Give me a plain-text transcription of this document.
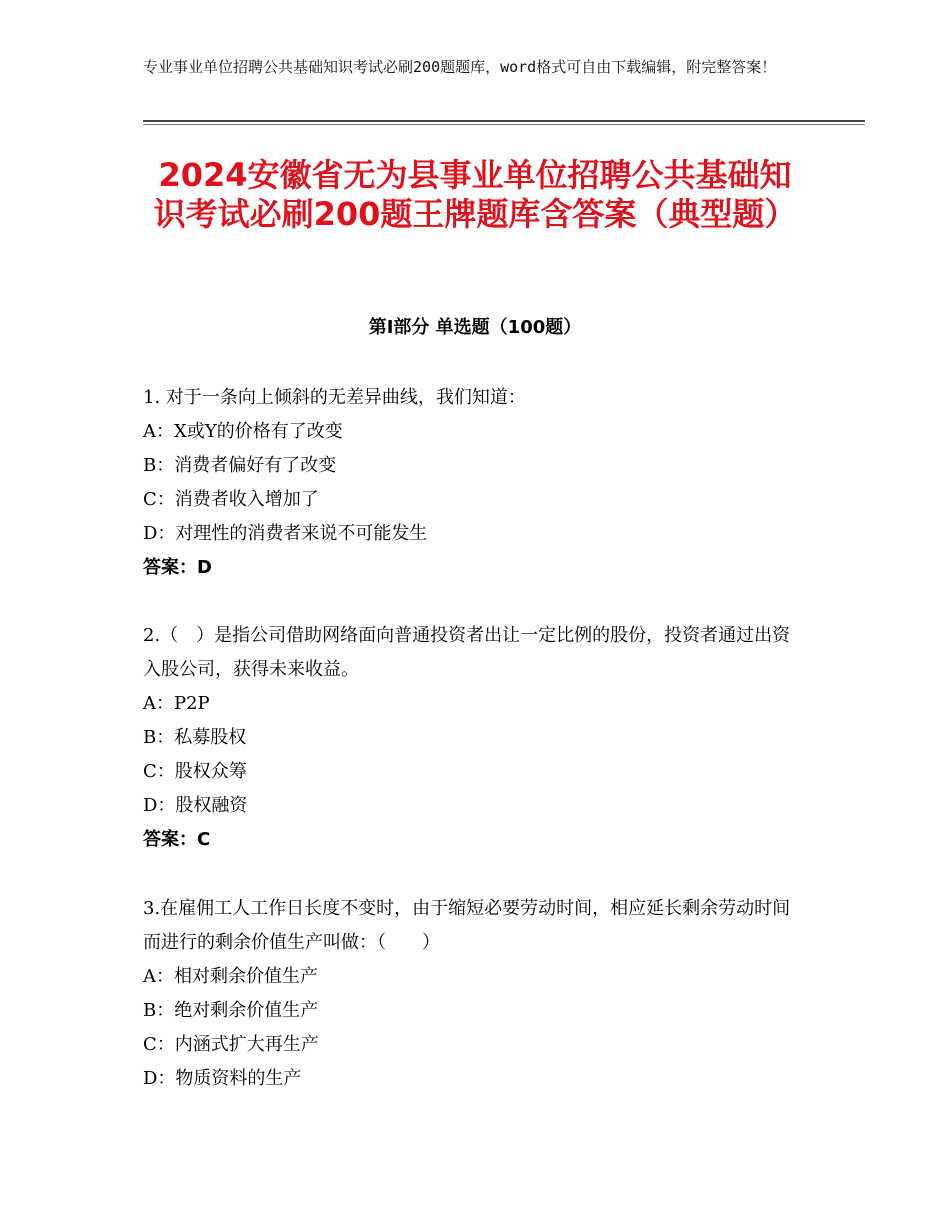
专业事业单位招聘公共基础知识考试必刷200题题库，word格式可自由下载编辑，附完整答案！
2024安徽省无为县事业单位招聘公共基础知识考试必刷200题王牌题库含答案（典型题）
第Ⅰ部分 单选题（100题）
1. 对于一条向上倾斜的无差异曲线，我们知道：
A：X或Y的价格有了改变
B：消费者偏好有了改变
C：消费者收入增加了
D：对理性的消费者来说不可能发生
答案：D
2.（　）是指公司借助网络面向普通投资者出让一定比例的股份，投资者通过出资入股公司，获得未来收益。
A：P2P
B：私募股权
C：股权众筹
D：股权融资
答案：C
3.在雇佣工人工作日长度不变时，由于缩短必要劳动时间，相应延长剩余劳动时间而进行的剩余价值生产叫做：（　　）
A：相对剩余价值生产
B：绝对剩余价值生产
C：内涵式扩大再生产
D：物质资料的生产
